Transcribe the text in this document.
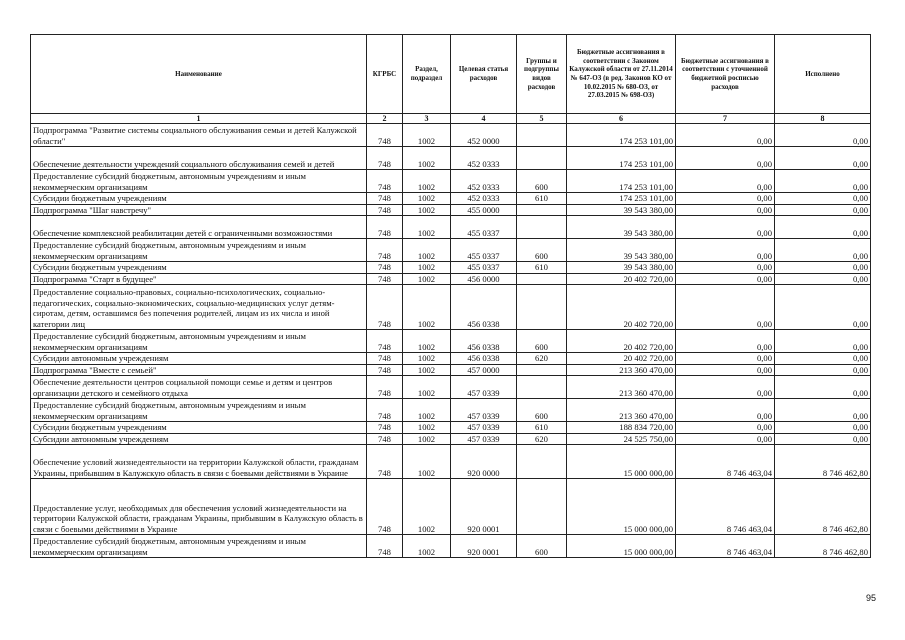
Наименование	КГРБС	Раздел, подраздел	Целевая статья расходов	Группы и подгруппы видов расходов	Бюджетные ассигнования в соответствии с Законом Калужской области от 27.11.2014 № 647-ОЗ (в ред. Законов КО от 10.02.2015 № 680-ОЗ, от 27.03.2015 № 698-ОЗ)	Бюджетные ассигнования в соответствии с уточненной бюджетной росписью расходов	Исполнено
1	2	3	4	5	6	7	8
Подпрограмма "Развитие системы социального обслуживания семьи и детей Калужской области"	748	1002	452 0000		174 253 101,00	0,00	0,00
Обеспечение деятельности учреждений социального обслуживания семей и детей	748	1002	452 0333		174 253 101,00	0,00	0,00
Предоставление субсидий бюджетным, автономным учреждениям и иным некоммерческим организациям	748	1002	452 0333	600	174 253 101,00	0,00	0,00
Субсидии бюджетным учреждениям	748	1002	452 0333	610	174 253 101,00	0,00	0,00
Подпрограмма "Шаг навстречу"	748	1002	455 0000		39 543 380,00	0,00	0,00
Обеспечение комплексной реабилитации детей с ограниченными возможностями	748	1002	455 0337		39 543 380,00	0,00	0,00
Предоставление субсидий бюджетным, автономным учреждениям и иным некоммерческим организациям	748	1002	455 0337	600	39 543 380,00	0,00	0,00
Субсидии бюджетным учреждениям	748	1002	455 0337	610	39 543 380,00	0,00	0,00
Подпрограмма "Старт в будущее"	748	1002	456 0000		20 402 720,00	0,00	0,00
Предоставление социально-правовых, социально-психологических, социально-педагогических, социально-экономических, социально-медицинских услуг детям-сиротам, детям, оставшимся без попечения родителей, лицам из их числа и иной категории лиц	748	1002	456 0338		20 402 720,00	0,00	0,00
Предоставление субсидий бюджетным, автономным учреждениям и иным некоммерческим организациям	748	1002	456 0338	600	20 402 720,00	0,00	0,00
Субсидии автономным учреждениям	748	1002	456 0338	620	20 402 720,00	0,00	0,00
Подпрограмма "Вместе с семьей"	748	1002	457 0000		213 360 470,00	0,00	0,00
Обеспечение деятельности центров социальной помощи семье и детям и центров организации детского и семейного отдыха	748	1002	457 0339		213 360 470,00	0,00	0,00
Предоставление субсидий бюджетным, автономным учреждениям и иным некоммерческим организациям	748	1002	457 0339	600	213 360 470,00	0,00	0,00
Субсидии бюджетным учреждениям	748	1002	457 0339	610	188 834 720,00	0,00	0,00
Субсидии автономным учреждениям	748	1002	457 0339	620	24 525 750,00	0,00	0,00
Обеспечение условий жизнедеятельности на территории Калужской области, гражданам Украины, прибывшим в Калужскую область в связи с боевыми действиями в Украине	748	1002	920 0000		15 000 000,00	8 746 463,04	8 746 462,80
Предоставление услуг, необходимых для обеспечения условий жизнедеятельности на территории Калужской области, гражданам Украины, прибывшим в Калужскую область в связи с боевыми действиями в Украине	748	1002	920 0001		15 000 000,00	8 746 463,04	8 746 462,80
Предоставление субсидий бюджетным, автономным учреждениям и иным некоммерческим организациям	748	1002	920 0001	600	15 000 000,00	8 746 463,04	8 746 462,80
95
